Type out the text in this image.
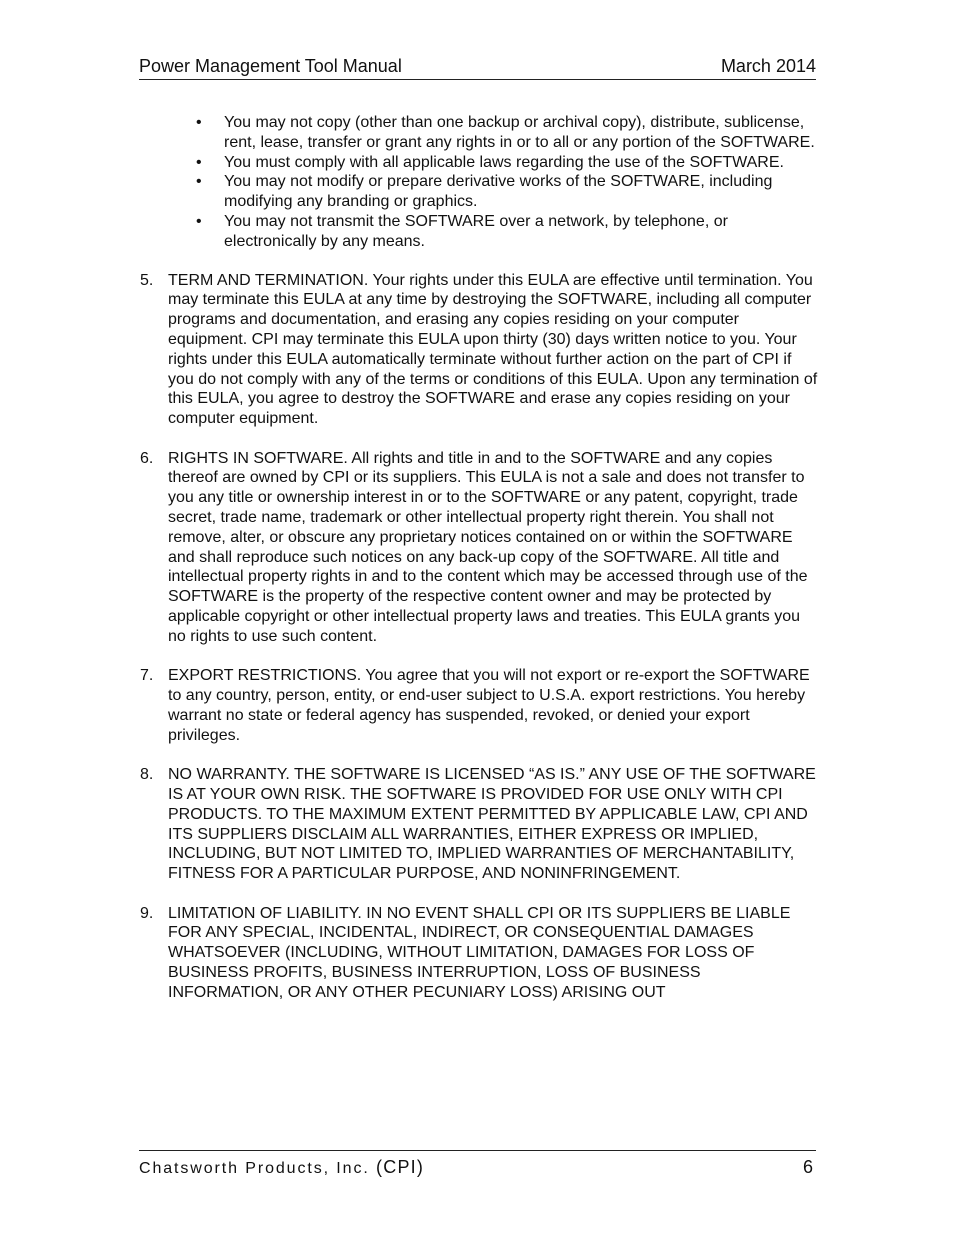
Power Management Tool Manual	March 2014
• You may not copy (other than one backup or archival copy), distribute, sublicense, rent, lease, transfer or grant any rights in or to all or any portion of the SOFTWARE.
• You must comply with all applicable laws regarding the use of the SOFTWARE.
• You may not modify or prepare derivative works of the SOFTWARE, including modifying any branding or graphics.
• You may not transmit the SOFTWARE over a network, by telephone, or electronically by any means.
5. TERM AND TERMINATION. Your rights under this EULA are effective until termination. You may terminate this EULA at any time by destroying the SOFTWARE, including all computer programs and documentation, and erasing any copies residing on your computer equipment. CPI may terminate this EULA upon thirty (30) days written notice to you. Your rights under this EULA automatically terminate without further action on the part of CPI if you do not comply with any of the terms or conditions of this EULA. Upon any termination of this EULA, you agree to destroy the SOFTWARE and erase any copies residing on your computer equipment.
6. RIGHTS IN SOFTWARE. All rights and title in and to the SOFTWARE and any copies thereof are owned by CPI or its suppliers. This EULA is not a sale and does not transfer to you any title or ownership interest in or to the SOFTWARE or any patent, copyright, trade secret, trade name, trademark or other intellectual property right therein. You shall not remove, alter, or obscure any proprietary notices contained on or within the SOFTWARE and shall reproduce such notices on any back-up copy of the SOFTWARE. All title and intellectual property rights in and to the content which may be accessed through use of the SOFTWARE is the property of the respective content owner and may be protected by applicable copyright or other intellectual property laws and treaties. This EULA grants you no rights to use such content.
7. EXPORT RESTRICTIONS. You agree that you will not export or re-export the SOFTWARE to any country, person, entity, or end-user subject to U.S.A. export restrictions. You hereby warrant no state or federal agency has suspended, revoked, or denied your export privileges.
8. NO WARRANTY. THE SOFTWARE IS LICENSED “AS IS.” ANY USE OF THE SOFTWARE IS AT YOUR OWN RISK. THE SOFTWARE IS PROVIDED FOR USE ONLY WITH CPI PRODUCTS. TO THE MAXIMUM EXTENT PERMITTED BY APPLICABLE LAW, CPI AND ITS SUPPLIERS DISCLAIM ALL WARRANTIES, EITHER EXPRESS OR IMPLIED, INCLUDING, BUT NOT LIMITED TO, IMPLIED WARRANTIES OF MERCHANTABILITY, FITNESS FOR A PARTICULAR PURPOSE, AND NONINFRINGEMENT.
9. LIMITATION OF LIABILITY. IN NO EVENT SHALL CPI OR ITS SUPPLIERS BE LIABLE FOR ANY SPECIAL, INCIDENTAL, INDIRECT, OR CONSEQUENTIAL DAMAGES WHATSOEVER (INCLUDING, WITHOUT LIMITATION, DAMAGES FOR LOSS OF BUSINESS PROFITS, BUSINESS INTERRUPTION, LOSS OF BUSINESS INFORMATION, OR ANY OTHER PECUNIARY LOSS) ARISING OUT
Chatsworth Products, Inc. (CPI)	6
